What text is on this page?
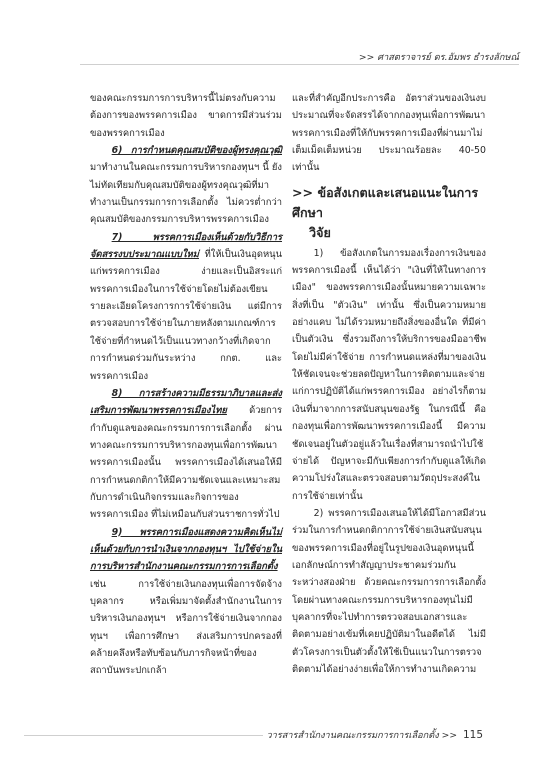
>> ศาสตราจารย์ ดร.อัมพร ธำรงลักษณ์

ของคณะกรรมการการบริหารนี้ไม่ตรงกับความต้องการของพรรคการเมือง ขาดการมีส่วนร่วมของพรรคการเมือง

6) การกำหนดคุณสมบัติของผู้ทรงคุณวุฒิ มาทำงานในคณะกรรมการบริหารกองทุนฯ นี้ ยังไม่ทัดเทียมกับคุณสมบัติของผู้ทรงคุณวุฒิที่มาทำงานเป็นกรรมการการเลือกตั้ง ไม่ควรต่ำกว่าคุณสมบัติของกรรมการบริหารพรรคการเมือง

7) พรรคการเมืองเห็นด้วยกับวิธีการจัดสรรงบประมาณแบบใหม่ ที่ให้เป็นเงินอุดหนุนแก่พรรคการเมือง ง่ายและเป็นอิสระแก่พรรคการเมืองในการใช้จ่ายโดยไม่ต้องเขียนรายละเอียดโครงการการใช้จ่ายเงิน แต่มีการตรวจสอบการใช้จ่ายในภายหลังตามเกณฑ์การใช้จ่ายที่กำหนดไว้เป็นแนวทางกว้างที่เกิดจากการกำหนดร่วมกันระหว่าง กกต. และพรรคการเมือง

8) การสร้างความมีธรรมาภิบาลและส่งเสริมการพัฒนาพรรคการเมืองไทย ด้วยการกำกับดูแลของคณะกรรมการการเลือกตั้ง ผ่านทางคณะกรรมการบริหารกองทุนเพื่อการพัฒนาพรรคการเมืองนั้น พรรคการเมืองได้เสนอให้มีการกำหนดกติกาให้มีความชัดเจนและเหมาะสมกับการดำเนินกิจกรรมและกิจการของพรรคการเมือง ที่ไม่เหมือนกับส่วนราชการทั่วไป

9) พรรคการเมืองแสดงความคิดเห็นไม่เห็นด้วยกับการนำเงินจากกองทุนฯ ไปใช้จ่ายในการบริหารสำนักงานคณะกรรมการการเลือกตั้ง เช่น การใช้จ่ายเงินกองทุนเพื่อการจัดจ้างบุคลากร หรือเพิ่มมาจัดตั้งสำนักงานในการบริหารเงินกองทุนฯ หรือการใช้จ่ายเงินจากกองทุนฯ เพื่อการศึกษา ส่งเสริมการปกครองที่คล้ายคลึงหรือทับซ้อนกับภารกิจหน้าที่ของสถาบันพระปกเกล้า

และที่สำคัญอีกประการคือ อัตราส่วนของเงินงบประมาณที่จะจัดสรรได้จากกองทุนเพื่อการพัฒนาพรรคการเมืองที่ให้กับพรรคการเมืองที่ผ่านมาไม่เต็มเม็ดเต็มหน่วย ประมาณร้อยละ 40-50 เท่านั้น

>> ข้อสังเกตและเสนอแนะในการศึกษา
วิจัย

1) ข้อสังเกตในการมองเรื่องการเงินของพรรคการเมืองนี้ เห็นได้ว่า "เงินที่ให้ในทางการเมือง" ของพรรคการเมืองนั้นหมายความเฉพาะสิ่งที่เป็น "ตัวเงิน" เท่านั้น ซึ่งเป็นความหมายอย่างแคบ ไม่ได้รวมหมายถึงสิ่งของอื่นใด ที่มีค่าเป็นตัวเงิน ซึ่งรวมถึงการให้บริการของมืออาชีพโดยไม่มีค่าใช้จ่าย การกำหนดแหล่งที่มาของเงินให้ชัดเจนจะช่วยลดปัญหาในการติดตามและจ่ายแก่การปฏิบัติได้แก่พรรคการเมือง อย่างไรก็ตามเงินที่มาจากการสนับสนุนของรัฐ ในกรณีนี้ คือกองทุนเพื่อการพัฒนาพรรคการเมืองนี้ มีความชัดเจนอยู่ในตัวอยู่แล้วในเรื่องที่สามารถนำไปใช้จ่ายได้ ปัญหาจะมีกับเพียงการกำกับดูแลให้เกิดความโปร่งใสและตรวจสอบตามวัตถุประสงค์ในการใช้จ่ายเท่านั้น

2) พรรคการเมืองเสนอให้ได้มีโอกาสมีส่วนร่วมในการกำหนดกติกาการใช้จ่ายเงินสนับสนุนของพรรคการเมืองที่อยู่ในรูปของเงินอุดหนุนนี้ เอกลักษณ์การทำสัญญาประชาคมร่วมกันระหว่างสองฝ่าย ด้วยคณะกรรมการการเลือกตั้งโดยผ่านทางคณะกรรมการบริหารกองทุนไม่มีบุคลากรที่จะไปทำการตรวจสอบเอกสารและติดตามอย่างเข้มที่เคยปฏิบัติมาในอดีตได้ ไม่มีตัวโครงการเป็นตัวตั้งให้ใช้เป็นแนวในการตรวจติดตามได้อย่างง่ายเพื่อให้การทำงานเกิดความ

วารสารสำนักงานคณะกรรมการการเลือกตั้ง >> 115
